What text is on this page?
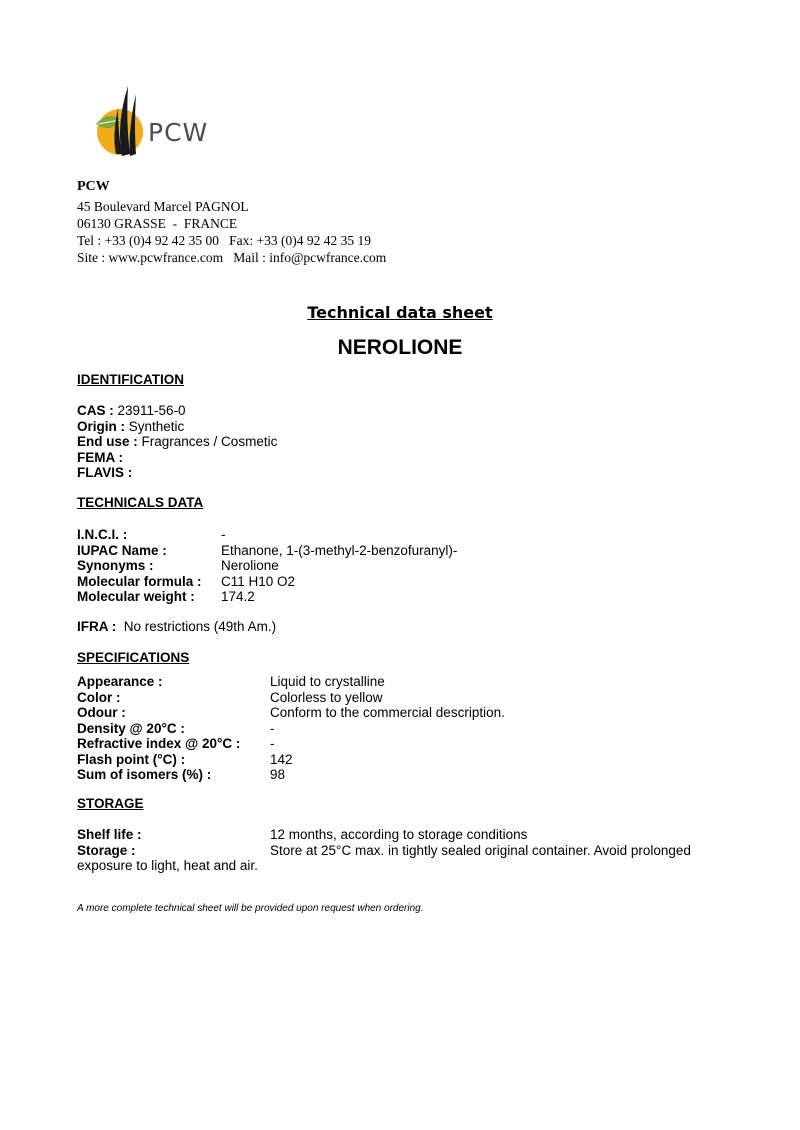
PCW
PCW
45 Boulevard Marcel PAGNOL
06130 GRASSE  -  FRANCE
Tel : +33 (0)4 92 42 35 00   Fax: +33 (0)4 92 42 35 19
Site : www.pcwfrance.com   Mail : info@pcwfrance.com
Technical data sheet
NEROLIONE
IDENTIFICATION
CAS : 23911-56-0
Origin : Synthetic
End use : Fragrances / Cosmetic
FEMA :
FLAVIS :
TECHNICALS DATA
I.N.C.I. :	-
IUPAC Name :	Ethanone, 1-(3-methyl-2-benzofuranyl)-
Synonyms :	Nerolione
Molecular formula : C11 H10 O2
Molecular weight : 174.2
IFRA : No restrictions (49th Am.)
SPECIFICATIONS
Appearance :	Liquid to crystalline
Color :	Colorless to yellow
Odour :	Conform to the commercial description.
Density @ 20°C :	-
Refractive index @ 20°C : -
Flash point (°C) :	142
Sum of isomers (%) :	98
STORAGE
Shelf life :	12 months, according to storage conditions
Storage :	Store at 25°C max. in tightly sealed original container. Avoid prolonged
exposure to light, heat and air.
A more complete technical sheet will be provided upon request when ordering.
